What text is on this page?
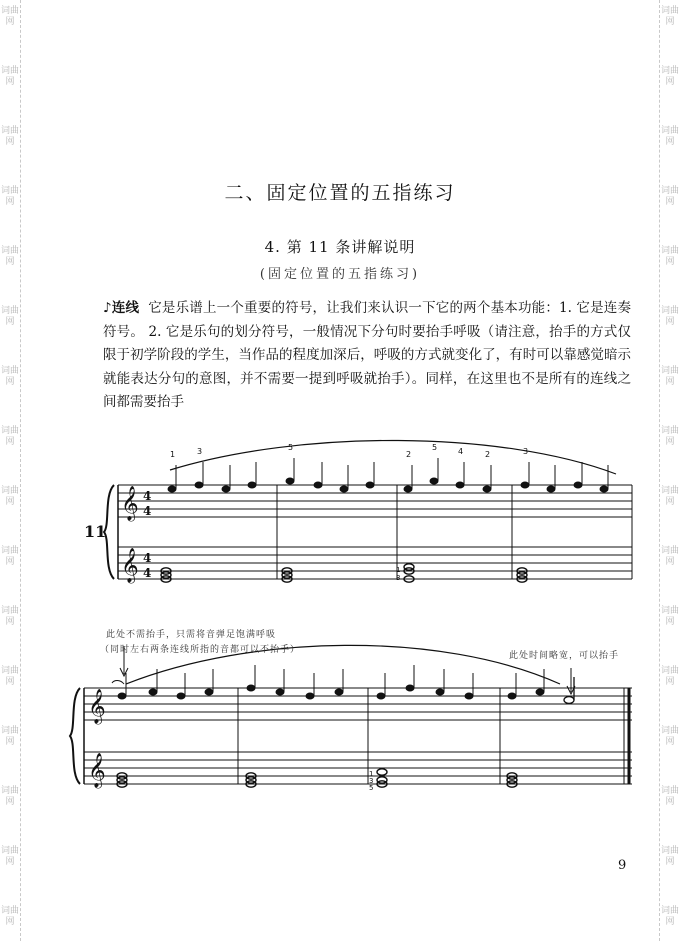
词曲网
词曲网
词曲网
词曲网
词曲网
词曲网
词曲网
词曲网
词曲网
词曲网
词曲网
词曲网
词曲网
词曲网
词曲网
词曲网
词曲网
词曲网
词曲网
词曲网
词曲网
词曲网
词曲网
词曲网
词曲网
词曲网
词曲网
词曲网
词曲网
词曲网
词曲网
词曲网
二、固定位置的五指练习
4. 第 11 条讲解说明
(固定位置的五指练习)
♪连线 它是乐谱上一个重要的符号，让我们来认识一下它的两个基本功能：1. 它是连奏符号。 2. 它是乐句的划分符号，一般情况下分句时要抬手呼吸（请注意，抬手的方式仅限于初学阶段的学生，当作品的程度加深后，呼吸的方式就变化了，有时可以靠感觉暗示就能表达分句的意图，并不需要一提到呼吸就抬手）。同样，在这里也不是所有的连线之间都需要抬手
𝄞
𝄞
4
4
4
4
11
1	3	5
2
5	4	2	3
1
3
𝄞
𝄞	1
3
5
此处不需抬手，只需将音弹足饱满呼吸
（同时左右两条连线所指的音都可以不抬手）
此处时间略宽，可以抬手
9
